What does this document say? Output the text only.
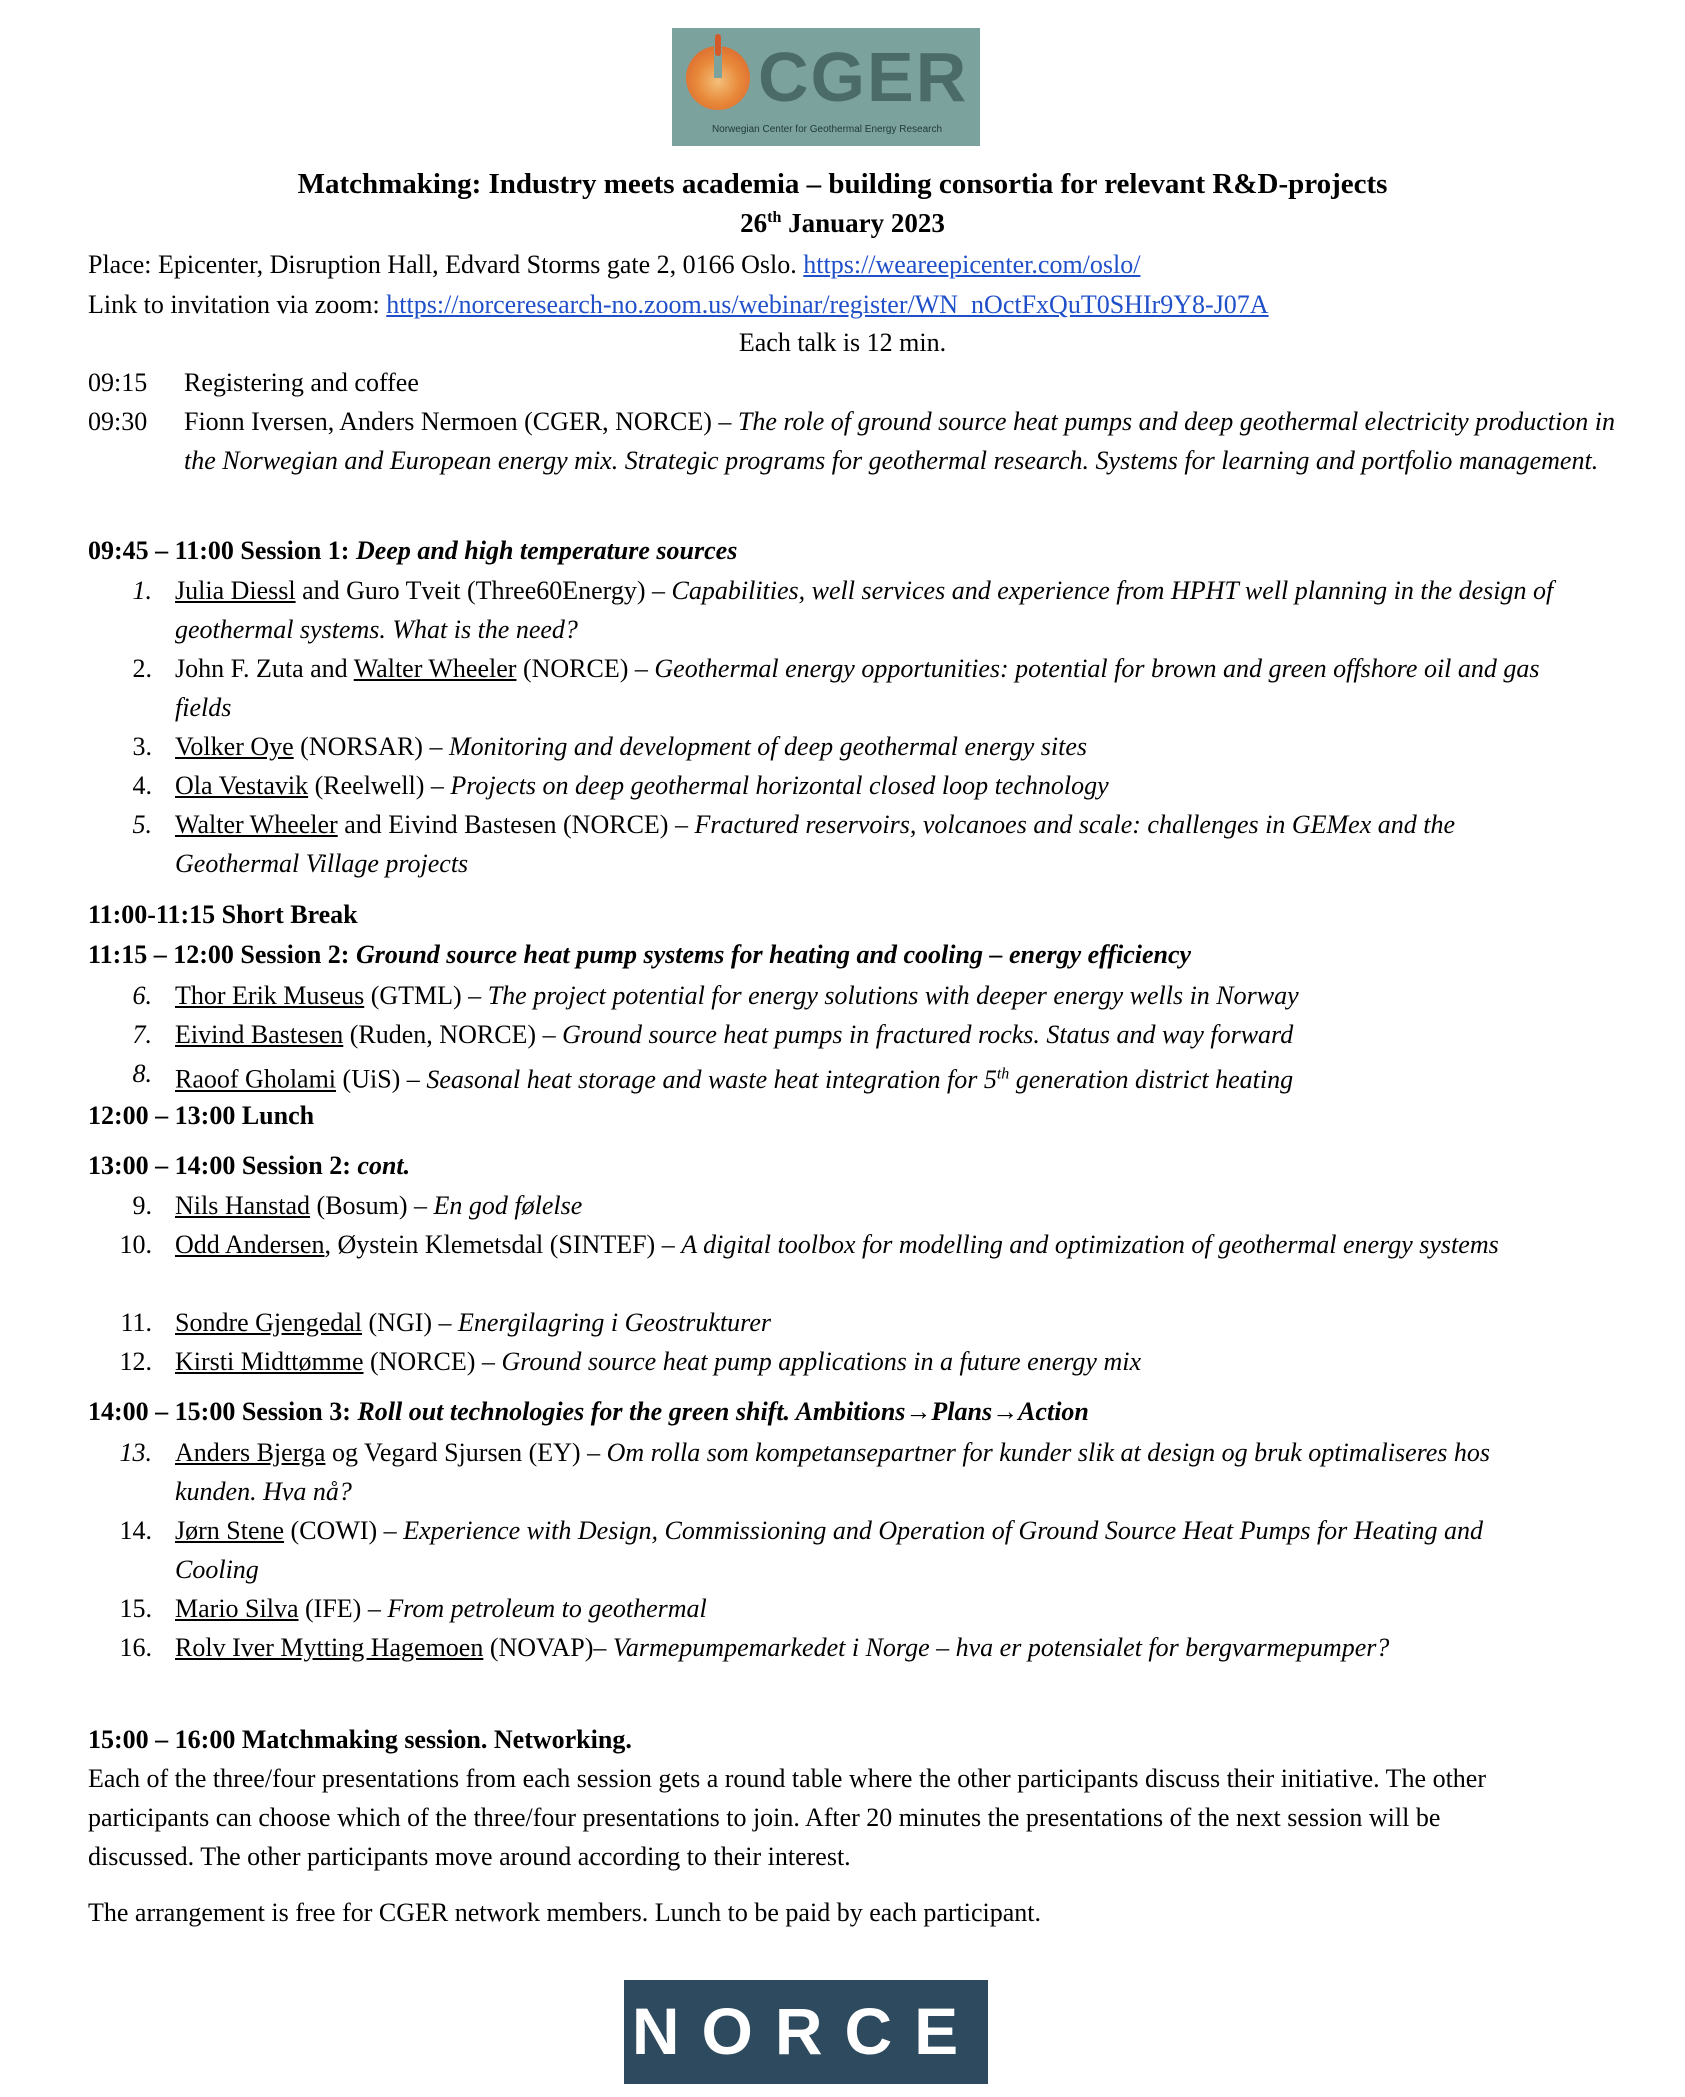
CGER
Norwegian Center for Geothermal Energy Research
Matchmaking: Industry meets academia – building consortia for relevant R&D-projects
26th January 2023
Place: Epicenter, Disruption Hall, Edvard Storms gate 2, 0166 Oslo. https://weareepicenter.com/oslo/
Link to invitation via zoom: https://norceresearch-no.zoom.us/webinar/register/WN_nOctFxQuT0SHIr9Y8-J07A
Each talk is 12 min.
09:15	Registering and coffee
09:30	Fionn Iversen, Anders Nermoen (CGER, NORCE) – The role of ground source heat pumps and deep geothermal electricity production in the Norwegian and European energy mix. Strategic programs for geothermal research. Systems for learning and portfolio management.
09:45 – 11:00 Session 1: Deep and high temperature sources
1. Julia Diessl and Guro Tveit (Three60Energy) – Capabilities, well services and experience from HPHT well planning in the design of geothermal systems. What is the need?
2. John F. Zuta and Walter Wheeler (NORCE) – Geothermal energy opportunities: potential for brown and green offshore oil and gas fields
3. Volker Oye (NORSAR) – Monitoring and development of deep geothermal energy sites
4. Ola Vestavik (Reelwell) – Projects on deep geothermal horizontal closed loop technology
5. Walter Wheeler and Eivind Bastesen (NORCE) – Fractured reservoirs, volcanoes and scale: challenges in GEMex and the Geothermal Village projects
11:00-11:15 Short Break
11:15 – 12:00 Session 2: Ground source heat pump systems for heating and cooling – energy efficiency
6. Thor Erik Museus (GTML) – The project potential for energy solutions with deeper energy wells in Norway
7. Eivind Bastesen (Ruden, NORCE) – Ground source heat pumps in fractured rocks. Status and way forward
8. Raoof Gholami (UiS) – Seasonal heat storage and waste heat integration for 5th generation district heating
12:00 – 13:00 Lunch
13:00 – 14:00 Session 2: cont.
9. Nils Hanstad (Bosum) – En god følelse
10. Odd Andersen, Øystein Klemetsdal (SINTEF) – A digital toolbox for modelling and optimization of geothermal energy systems
11. Sondre Gjengedal (NGI) – Energilagring i Geostrukturer
12. Kirsti Midttømme (NORCE) – Ground source heat pump applications in a future energy mix
14:00 – 15:00 Session 3: Roll out technologies for the green shift. Ambitions→Plans→Action
13. Anders Bjerga og Vegard Sjursen (EY) – Om rolla som kompetansepartner for kunder slik at design og bruk optimaliseres hos kunden. Hva nå?
14. Jørn Stene (COWI) – Experience with Design, Commissioning and Operation of Ground Source Heat Pumps for Heating and Cooling
15. Mario Silva (IFE) – From petroleum to geothermal
16. Rolv Iver Mytting Hagemoen (NOVAP)– Varmepumpemarkedet i Norge – hva er potensialet for bergvarmepumper?
15:00 – 16:00 Matchmaking session. Networking.
Each of the three/four presentations from each session gets a round table where the other participants discuss their initiative. The other participants can choose which of the three/four presentations to join. After 20 minutes the presentations of the next session will be discussed. The other participants move around according to their interest.
The arrangement is free for CGER network members. Lunch to be paid by each participant.
NORCE
